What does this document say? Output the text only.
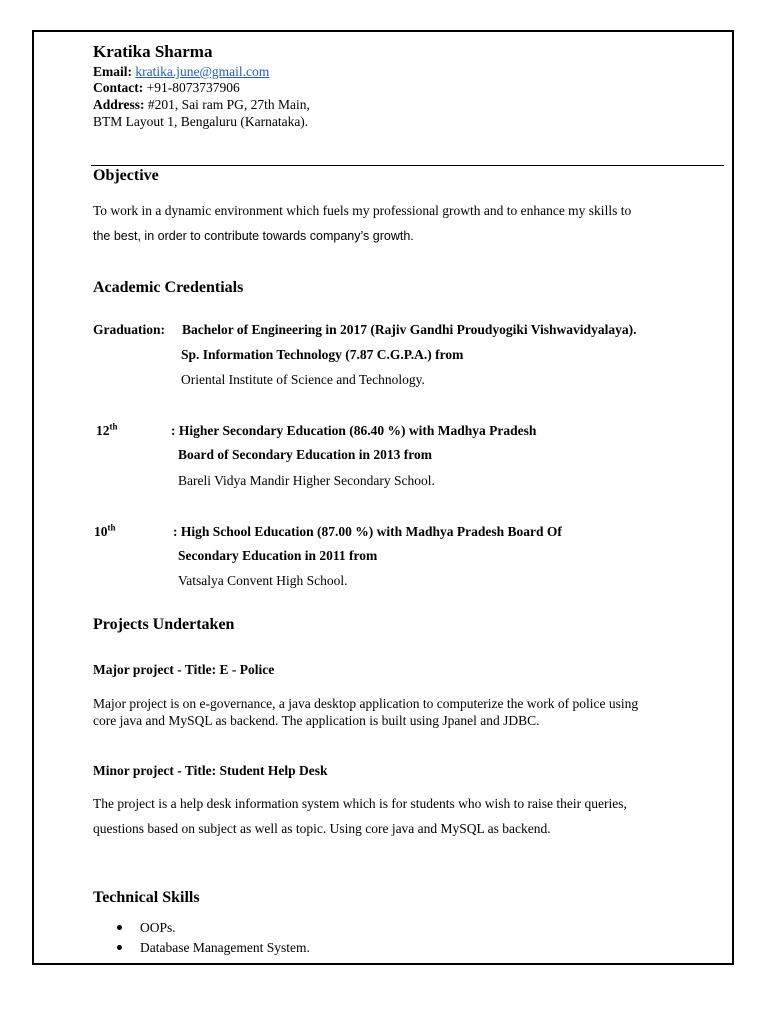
Kratika Sharma
Email: kratika.june@gmail.com
Contact: +91-8073737906
Address: #201, Sai ram PG, 27th Main,
BTM Layout 1, Bengaluru (Karnataka).
Objective
To work in a dynamic environment which fuels my professional growth and to enhance my skills to
the best, in order to contribute towards company’s growth.
Academic Credentials
Graduation: Bachelor of Engineering in 2017 (Rajiv Gandhi Proudyogiki Vishwavidyalaya).
Sp. Information Technology (7.87 C.G.P.A.) from
Oriental Institute of Science and Technology.
12th	: Higher Secondary Education (86.40 %) with Madhya Pradesh
Board of Secondary Education in 2013 from
Bareli Vidya Mandir Higher Secondary School.
10th	: High School Education (87.00 %) with Madhya Pradesh Board Of
Secondary Education in 2011 from
Vatsalya Convent High School.
Projects Undertaken
Major project - Title: E - Police
Major project is on e-governance, a java desktop application to computerize the work of police using
core java and MySQL as backend. The application is built using Jpanel and JDBC.
Minor project - Title: Student Help Desk
The project is a help desk information system which is for students who wish to raise their queries,
questions based on subject as well as topic. Using core java and MySQL as backend.
Technical Skills
OOPs.
Database Management System.
